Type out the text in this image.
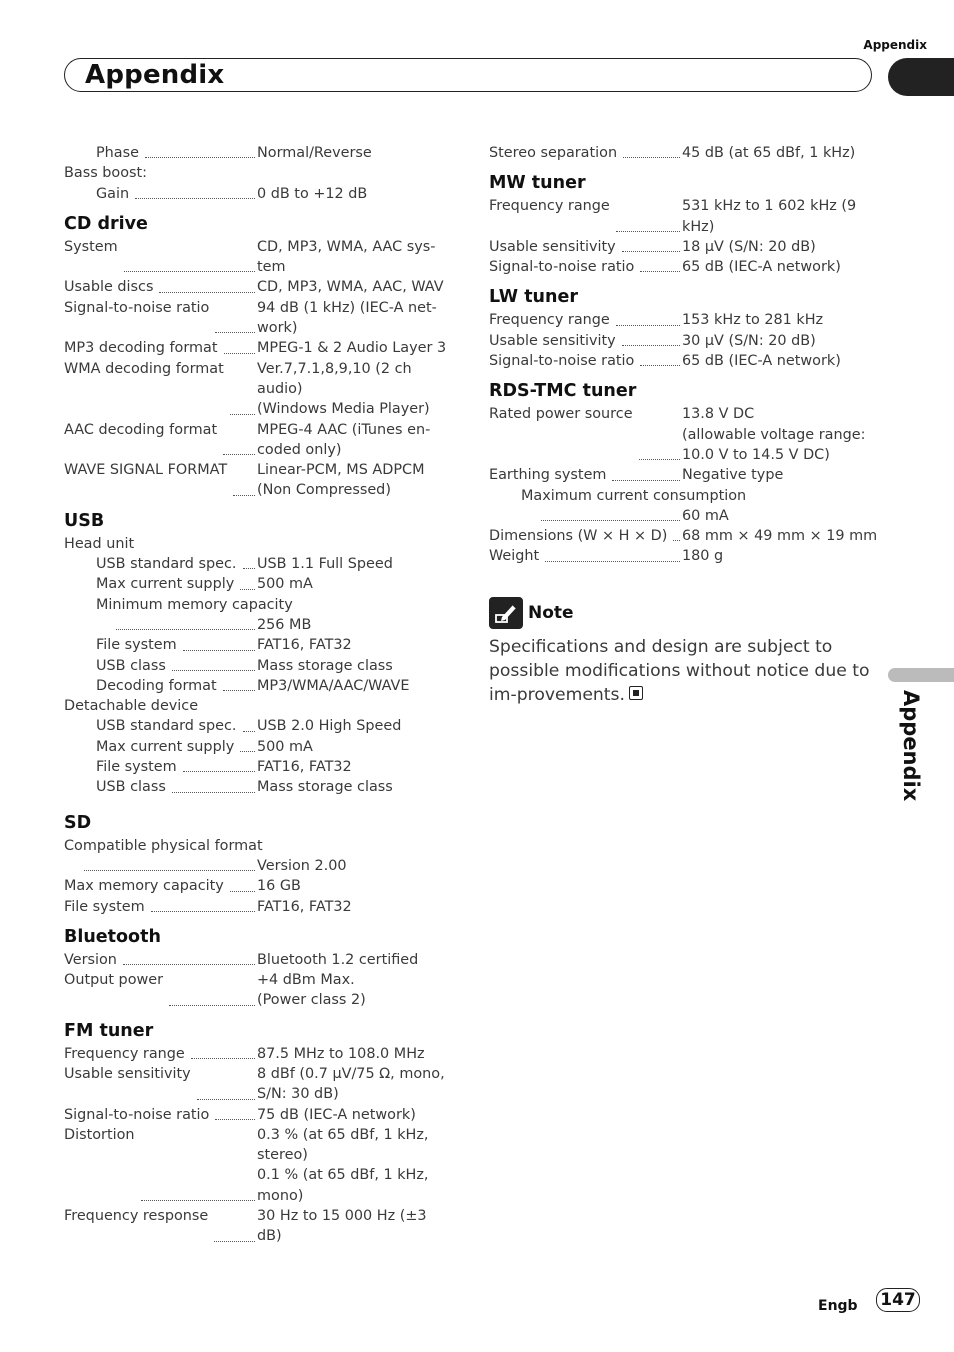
Appendix
Appendix
Appendix
Phase	Normal/Reverse
Bass boost:
Gain	0 dB to +12 dB
CD drive
System	CD, MP3, WMA, AAC sys-
tem
Usable discs	CD, MP3, WMA, AAC, WAV
Signal-to-noise ratio	94 dB (1 kHz) (IEC-A net-
work)
MP3 decoding format	MPEG-1 & 2 Audio Layer 3
WMA decoding format Ver.7,7.1,8,9,10 (2 ch audio)
(Windows Media Player)
AAC decoding format	MPEG-4 AAC (iTunes en-
coded only)
WAVE SIGNAL FORMAT Linear-PCM, MS ADPCM
(Non Compressed)
USB
Head unit
USB standard spec. USB 1.1 Full Speed
Max current supply 500 mA
Minimum memory capacity
256 MB
File system	FAT16, FAT32
USB class	Mass storage class
Decoding format	MP3/WMA/AAC/WAVE
Detachable device
USB standard spec. USB 2.0 High Speed
Max current supply 500 mA
File system	FAT16, FAT32
USB class	Mass storage class
SD
Compatible physical format
Version 2.00
Max memory capacity 16 GB
File system	FAT16, FAT32
Bluetooth
Version	Bluetooth 1.2 certified
Output power	+4 dBm Max.
(Power class 2)
FM tuner
Frequency range	87.5 MHz to 108.0 MHz
Usable sensitivity	8 dBf (0.7 μV/75 Ω, mono,
S/N: 30 dB)
Signal-to-noise ratio	75 dB (IEC-A network)
Distortion	0.3 % (at 65 dBf, 1 kHz,
stereo)
0.1 % (at 65 dBf, 1 kHz,
mono)
Frequency response	30 Hz to 15 000 Hz (±3 dB)
Stereo separation	45 dB (at 65 dBf, 1 kHz)
MW tuner
Frequency range	531 kHz to 1 602 kHz (9 kHz)
Usable sensitivity	18 μV (S/N: 20 dB)
Signal-to-noise ratio	65 dB (IEC-A network)
LW tuner
Frequency range	153 kHz to 281 kHz
Usable sensitivity	30 μV (S/N: 20 dB)
Signal-to-noise ratio	65 dB (IEC-A network)
RDS-TMC tuner
Rated power source	13.8 V DC
(allowable voltage range:
10.0 V to 14.5 V DC)
Earthing system	Negative type
Maximum current consumption
60 mA
Dimensions (W × H × D) 68 mm × 49 mm × 19 mm
Weight	180 g
Note
Specifications and design are subject to possible modifications without notice due to im-provements.
Engb 147
